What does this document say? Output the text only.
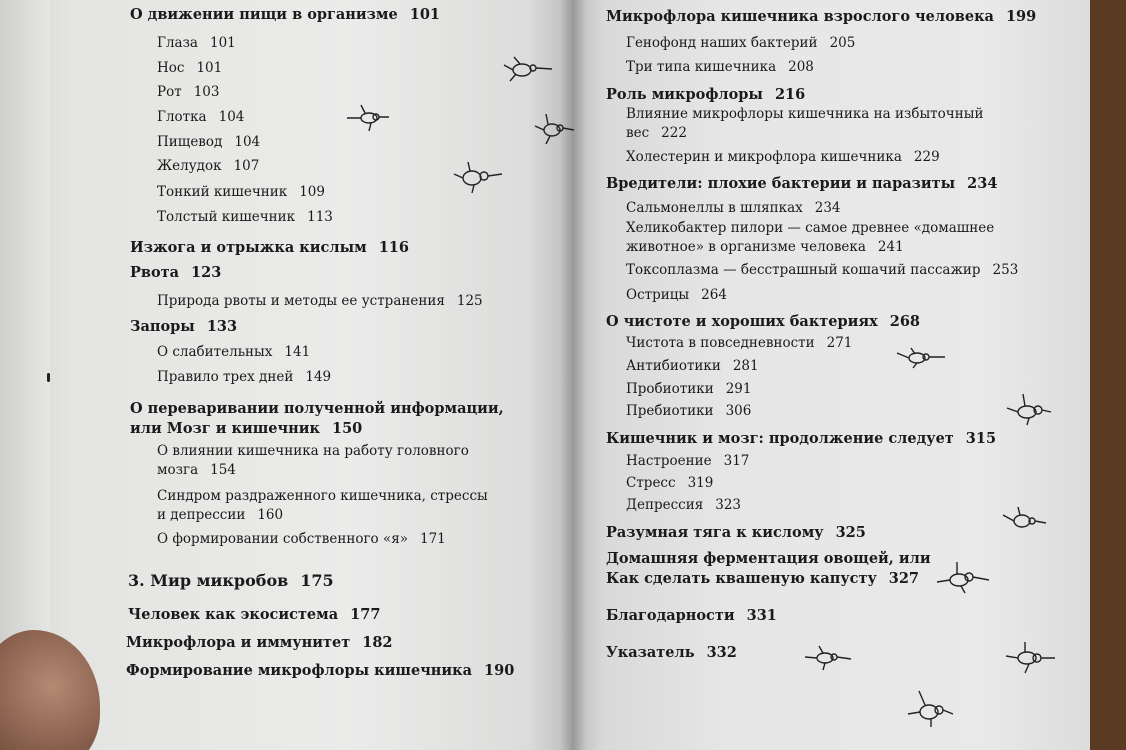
О движении пищи в организме 101
Глаза 101
Нос 101
Рот 103
Глотка 104
Пищевод 104
Желудок 107
Тонкий кишечник 109
Толстый кишечник 113
Изжога и отрыжка кислым 116
Рвота 123
Природа рвоты и методы ее устранения 125
Запоры 133
О слабительных 141
Правило трех дней 149
О переваривании полученной информации,
или Мозг и кишечник 150
О влиянии кишечника на работу головного
мозга 154
Синдром раздраженного кишечника, стрессы
и депрессии 160
О формировании собственного «я» 171
3. Мир микробов 175
Человек как экосистема 177
Микрофлора и иммунитет 182
Формирование микрофлоры кишечника 190
Микрофлора кишечника взрослого человека 199
Генофонд наших бактерий 205
Три типа кишечника 208
Роль микрофлоры 216
Влияние микрофлоры кишечника на избыточный
вес 222
Холестерин и микрофлора кишечника 229
Вредители: плохие бактерии и паразиты 234
Сальмонеллы в шляпках 234
Хеликобактер пилори — самое древнее «домашнее
животное» в организме человека 241
Токсоплазма — бесстрашный кошачий пассажир 253
Острицы 264
О чистоте и хороших бактериях 268
Чистота в повседневности 271
Антибиотики 281
Пробиотики 291
Пребиотики 306
Кишечник и мозг: продолжение следует 315
Настроение 317
Стресс 319
Депрессия 323
Разумная тяга к кислому 325
Домашняя ферментация овощей, или
Как сделать квашеную капусту 327
Благодарности 331
Указатель 332
